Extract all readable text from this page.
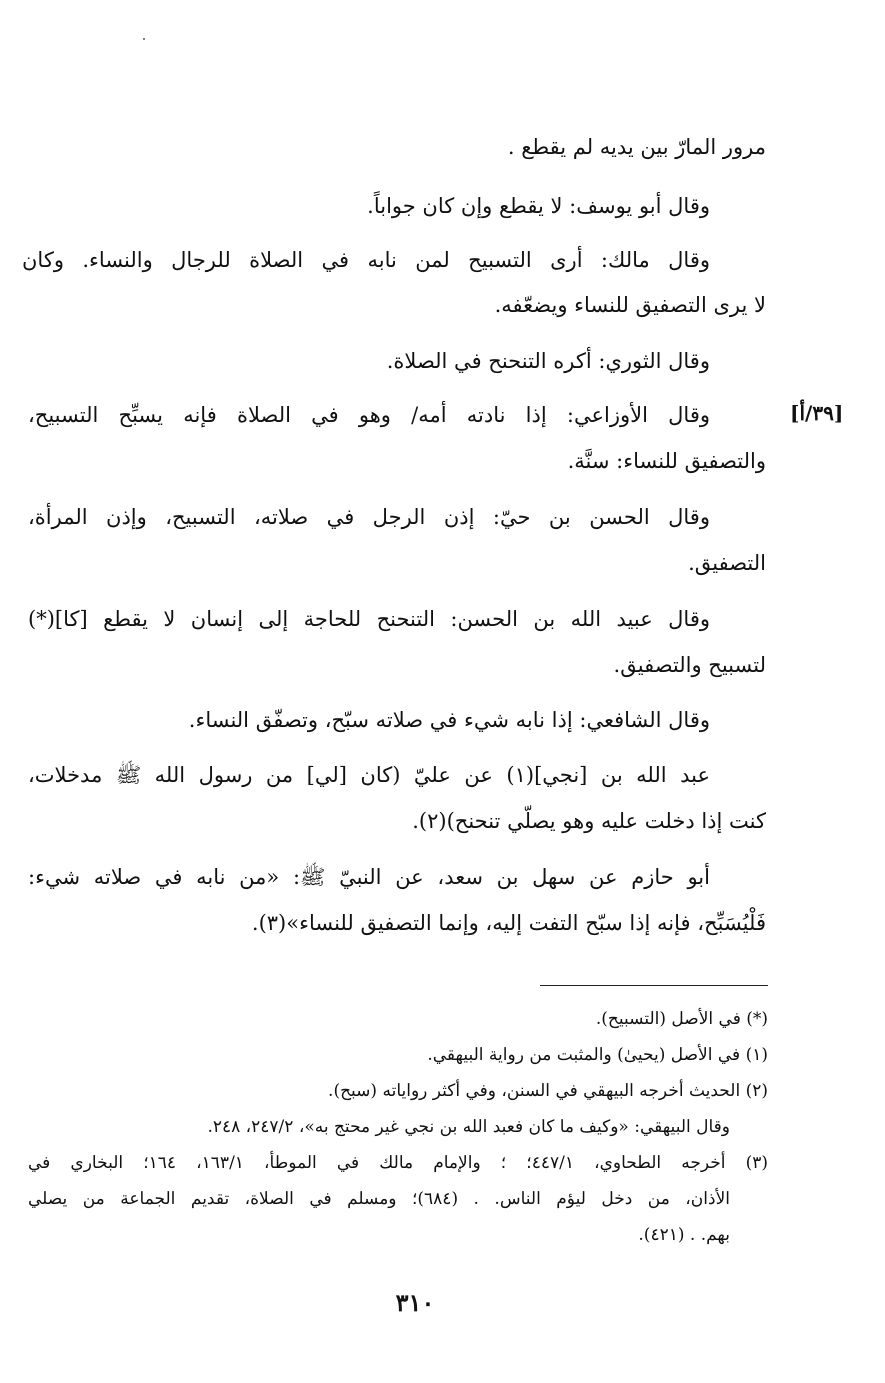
مرور المارّ بين يديه لم يقطع .
وقال أبو يوسف: لا يقطع وإن كان جواباً.
وقال مالك: أرى التسبيح لمن نابه في الصلاة للرجال والنساء. وكان
لا يرى التصفيق للنساء ويضعّفه.
وقال الثوري: أكره التنحنح في الصلاة.
[٣٩/أ]
وقال الأوزاعي: إذا نادته أمه/ وهو في الصلاة فإنه يسبِّح التسبيح،
والتصفيق للنساء: سنَّة.
وقال الحسن بن حيّ: إذن الرجل في صلاته، التسبيح، وإذن المرأة،
التصفيق.
وقال عبيد الله بن الحسن: التنحنح للحاجة إلى إنسان لا يقطع [كا](*)
لتسبيح والتصفيق.
وقال الشافعي: إذا نابه شيء في صلاته سبّح، وتصفّق النساء.
عبد الله بن [نجي](١) عن عليّ (كان [لي] من رسول الله ﷺ مدخلات،
كنت إذا دخلت عليه وهو يصلّي تنحنح)(٢).
أبو حازم عن سهل بن سعد، عن النبيّ ﷺ: «من نابه في صلاته شيء:
فَلْيُسَبِّح، فإنه إذا سبّح التفت إليه، وإنما التصفيق للنساء»(٣).
(*) في الأصل (التسبيح).
(١) في الأصل (يحيىٰ) والمثبت من رواية البيهقي.
(٢) الحديث أخرجه البيهقي في السنن، وفي أكثر رواياته (سبح).
وقال البيهقي: «وكيف ما كان فعبد الله بن نجي غير محتج به»، ٢٤٧/٢، ٢٤٨.
(٣) أخرجه الطحاوي، ٤٤٧/١؛ ؛ والإمام مالك في الموطأ، ١٦٣/١، ١٦٤؛ البخاري في
الأذان، من دخل ليؤم الناس. . (٦٨٤)؛ ومسلم في الصلاة، تقديم الجماعة من يصلي
بهم. . (٤٢١).
٣١٠
